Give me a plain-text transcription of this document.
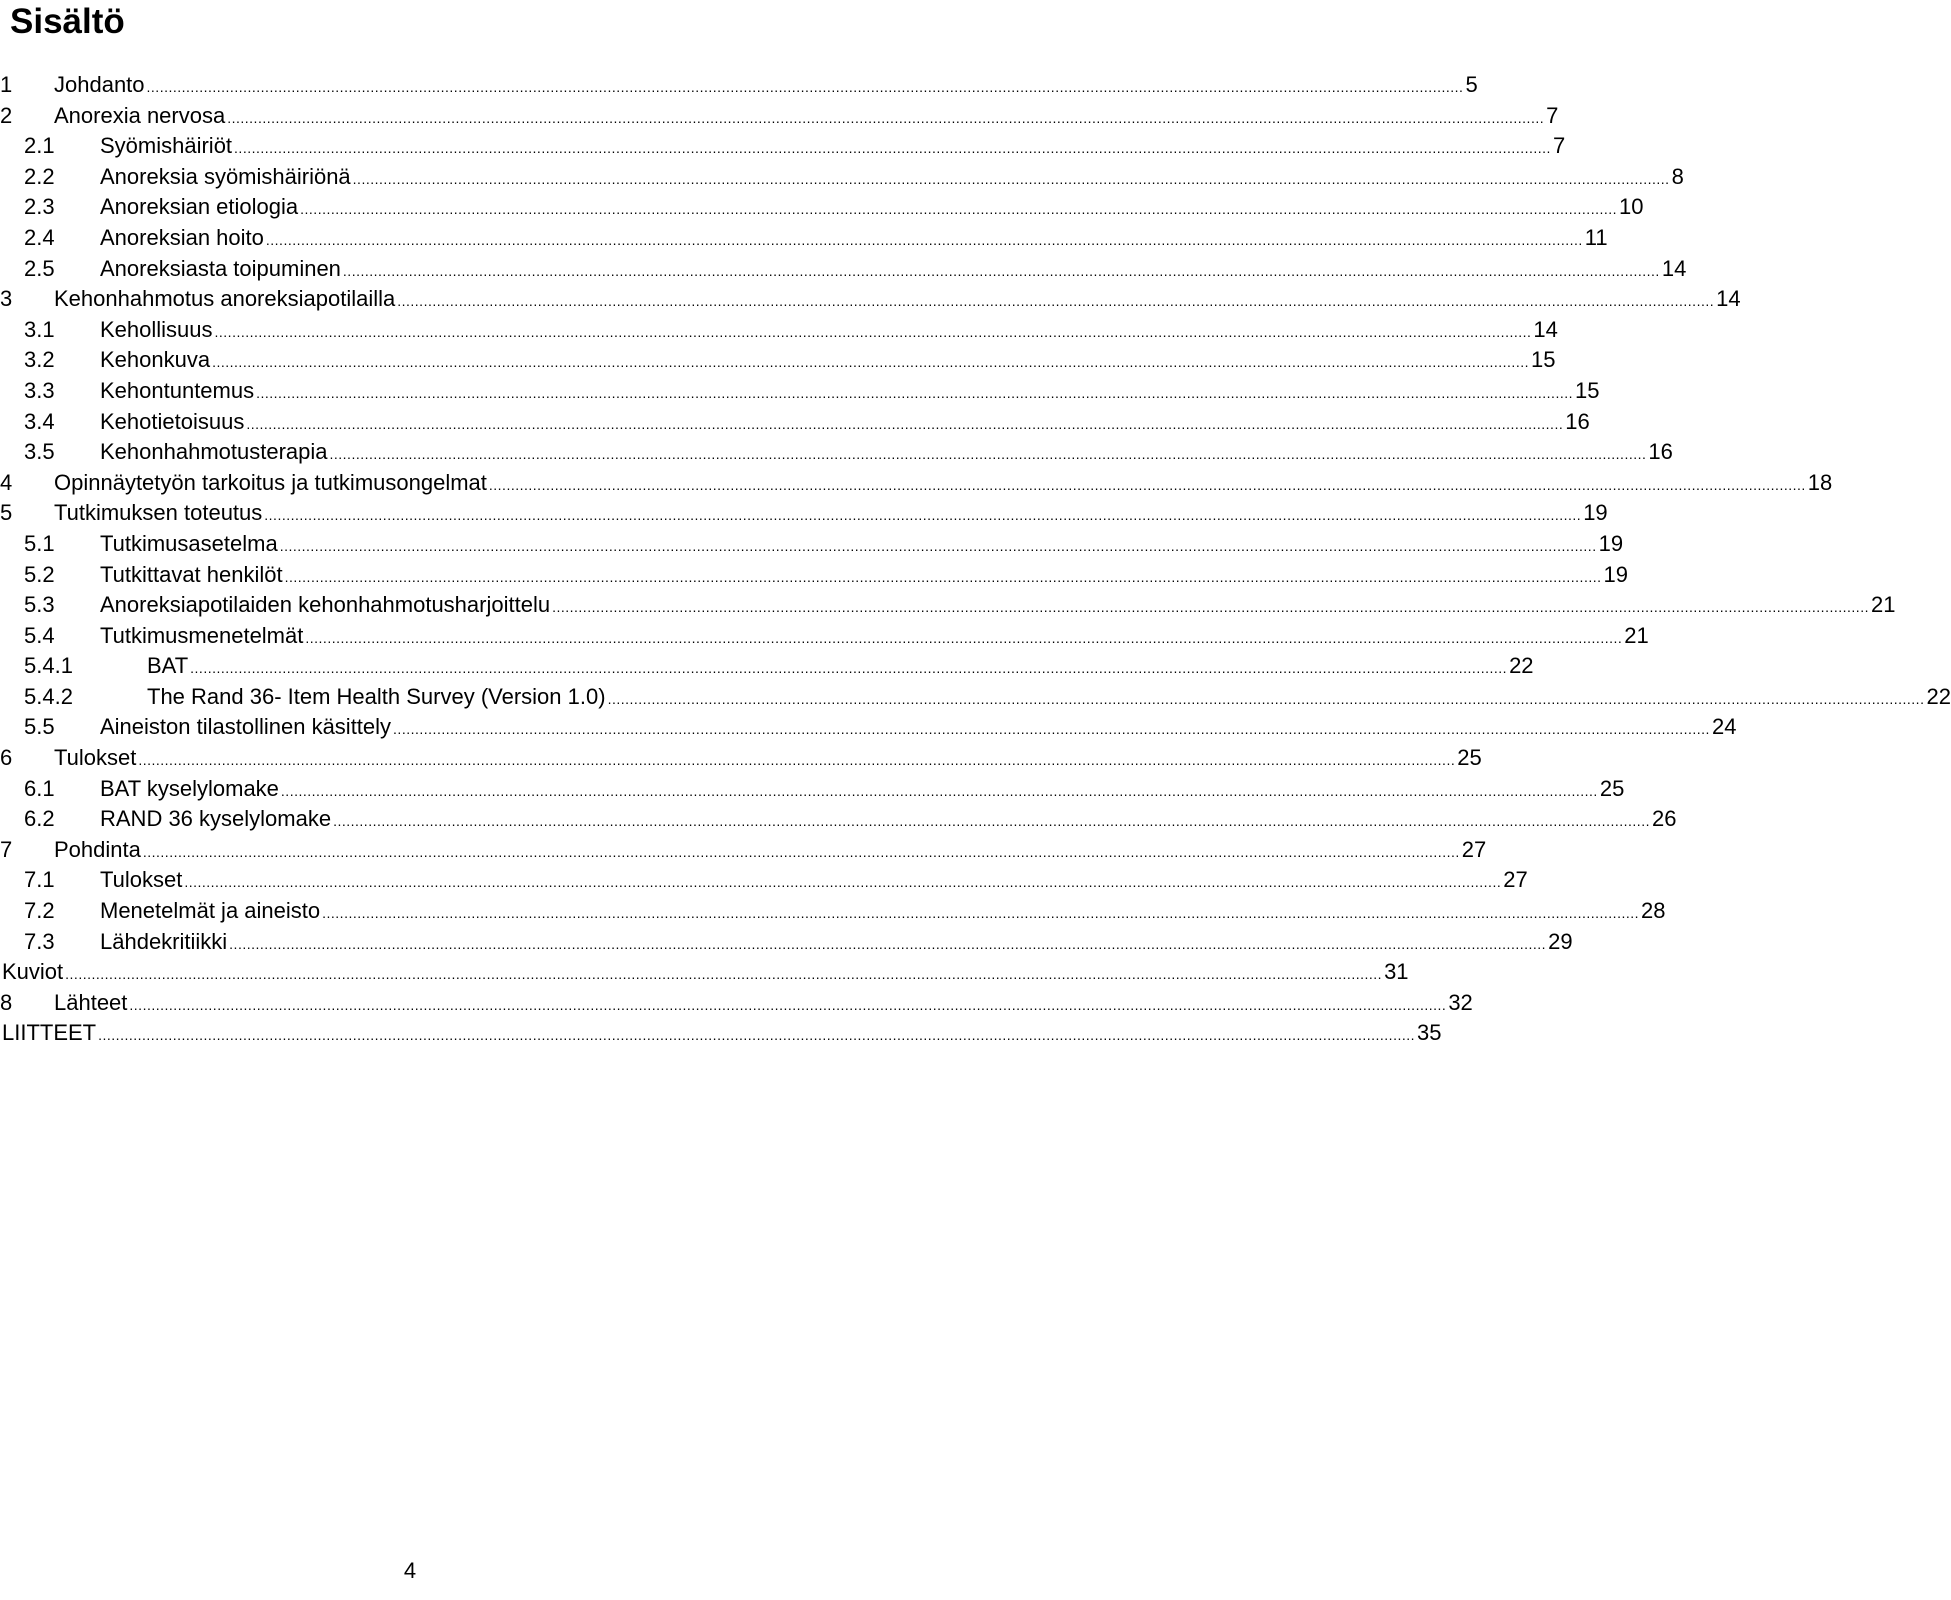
Sisältö
1 Johdanto ............................................................................................................................................................................................................................................................................................................ 5
2 Anorexia nervosa ............................................................................................................................................................................................................................................................................................................ 7
2.1 Syömishäiriöt ............................................................................................................................................................................................................................................................................................................ 7
2.2 Anoreksia syömishäiriönä ............................................................................................................................................................................................................................................................................................................ 8
2.3 Anoreksian etiologia ............................................................................................................................................................................................................................................................................................................ 10
2.4 Anoreksian hoito ............................................................................................................................................................................................................................................................................................................ 11
2.5 Anoreksiasta toipuminen ............................................................................................................................................................................................................................................................................................................ 14
3 Kehonhahmotus anoreksiapotilailla ............................................................................................................................................................................................................................................................................................................ 14
3.1 Kehollisuus ............................................................................................................................................................................................................................................................................................................ 14
3.2 Kehonkuva ............................................................................................................................................................................................................................................................................................................ 15
3.3 Kehontuntemus ............................................................................................................................................................................................................................................................................................................ 15
3.4 Kehotietoisuus ............................................................................................................................................................................................................................................................................................................ 16
3.5 Kehonhahmotusterapia ............................................................................................................................................................................................................................................................................................................ 16
4 Opinnäytetyön tarkoitus ja tutkimusongelmat ............................................................................................................................................................................................................................................................................................................ 18
5 Tutkimuksen toteutus ............................................................................................................................................................................................................................................................................................................ 19
5.1 Tutkimusasetelma ............................................................................................................................................................................................................................................................................................................ 19
5.2 Tutkittavat henkilöt ............................................................................................................................................................................................................................................................................................................ 19
5.3 Anoreksiapotilaiden kehonhahmotusharjoittelu ............................................................................................................................................................................................................................................................................................................ 21
5.4 Tutkimusmenetelmät ............................................................................................................................................................................................................................................................................................................ 21
5.4.1	BAT ............................................................................................................................................................................................................................................................................................................ 22
5.4.2	The Rand 36- Item Health Survey (Version 1.0) ............................................................................................................................................................................................................................................................................................................ 22
5.5 Aineiston tilastollinen käsittely ............................................................................................................................................................................................................................................................................................................ 24
6 Tulokset ............................................................................................................................................................................................................................................................................................................ 25
6.1 BAT kyselylomake ............................................................................................................................................................................................................................................................................................................ 25
6.2 RAND 36 kyselylomake ............................................................................................................................................................................................................................................................................................................ 26
7 Pohdinta ............................................................................................................................................................................................................................................................................................................ 27
7.1 Tulokset ............................................................................................................................................................................................................................................................................................................ 27
7.2 Menetelmät ja aineisto ............................................................................................................................................................................................................................................................................................................ 28
7.3 Lähdekritiikki ............................................................................................................................................................................................................................................................................................................ 29
Kuviot ............................................................................................................................................................................................................................................................................................................ 31
8 Lähteet ............................................................................................................................................................................................................................................................................................................ 32
LIITTEET ............................................................................................................................................................................................................................................................................................................ 35
4
